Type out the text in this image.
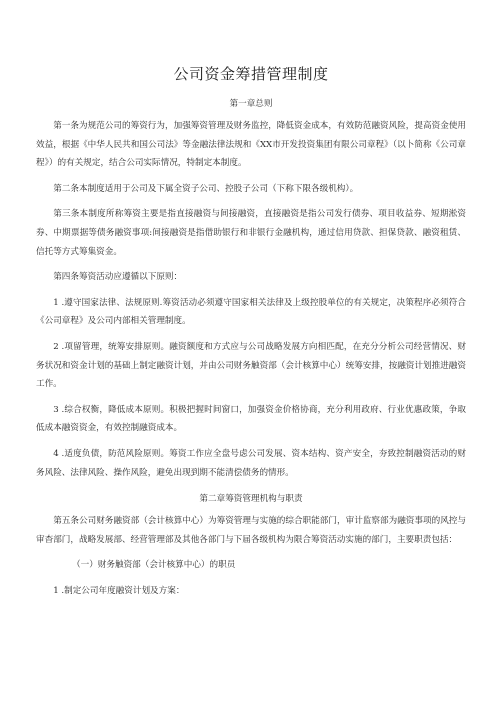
公司资金筹措管理制度
第一章总则

第一条为规范公司的筹资行为，加强筹资管理及财务监控，降低资金成本，有效防范融资风险，提高资金使用效益，根据《中华人民共和国公司法》等金融法律法规和《XX市开发投资集团有限公司章程》（以卜简称《公司章程》）的有关规定，结合公司实际情况，特制定本制度。

第二条本制度适用于公司及下属全资子公司、控股子公司（下称下限各级机构）。

第三条本制度所称筹资主要是指直接融资与间接融资，直接融资是指公司发行债券、项目收益券、短期淞资券、中期票据等债务融资事项:间接融资是指借助银行和非银行金融机构，通过信用贷款、担保贷款、融资租赁、信托等方式筹集资金。

第四条筹资活动应遵循以下原则：

1 .遵守国家法律、法规原则.筹资活动必须遵守国家相关法律及上级控股单位的有关规定，决策程序必须符合《公司章程》及公司内部相关管理制度。

2 .项留管理，统筹安排原则。融资额度和方式应与公司战略发展方向相匹配，在充分分析公司经营情况、财务状况和资金计划的基础上制定融资计划，并由公司财务触资部（会计核算中心）统筹安排，按融资计划推进融资工作。

3 .综合权衡，降低成本原则。积极把握时间窗口，加强资金价格协商，充分利用政府、行业优惠政策，争取低成本融资资金，有效控制融资成本。

4 .适度负债，防范风险原则。筹资工作应全盘号虑公司发展、资本结构、资产安全，夯致控制融资活动的财务风险、法律风险、操作风险，避免出现到期不能清偿债务的情形。

第二章筹资管理机构与职责

第五条公司财务融资部（会计核算中心）为筹资管理与实施的综合职能部门，审计监察部为融资事项的风控与审杳部门，战略发展部、经营管理部及其他各部门与下届各级机构为限合筹资活动实施的部门，主要职责包括：

（一）财务触资部（会计核算中心）的职员

1 .制定公司年度融资计划及方案：
